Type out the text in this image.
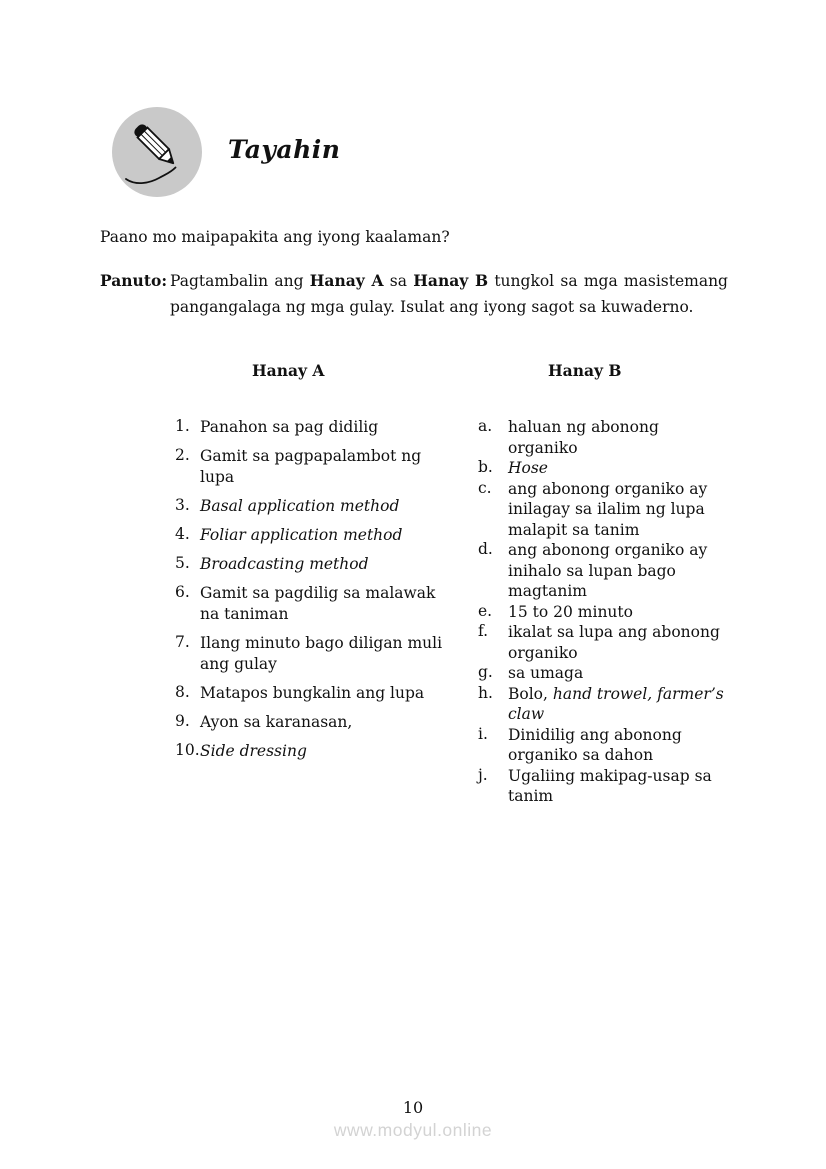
Tayahin
Paano mo maipapakita ang iyong kaalaman?
Panuto: Pagtambalin ang Hanay A sa Hanay B tungkol sa mga masistemang
pangangalaga ng mga gulay. Isulat ang iyong sagot sa kuwaderno.
Hanay A	Hanay B
1. Panahon sa pag didilig
2. Gamit sa pagpapalambot ng
lupa
3. Basal application method
4. Foliar application method
5. Broadcasting method
6. Gamit sa pagdilig sa malawak
na taniman
7. Ilang minuto bago diligan muli
ang gulay
8. Matapos bungkalin ang lupa
9. Ayon sa karanasan,
10. Side dressing
a.	haluan ng abonong
organiko
b. Hose
c.	ang abonong organiko ay
inilagay sa ilalim ng lupa
malapit sa tanim
d. ang abonong organiko ay
inihalo sa lupan bago
magtanim
e.	15 to 20 minuto
f.	ikalat sa lupa ang abonong
organiko
g. sa umaga
h. Bolo, hand trowel, farmer’s
claw
i.	Dinidilig ang abonong
organiko sa dahon
j.	Ugaliing makipag-usap sa
tanim
10
www.modyul.online
